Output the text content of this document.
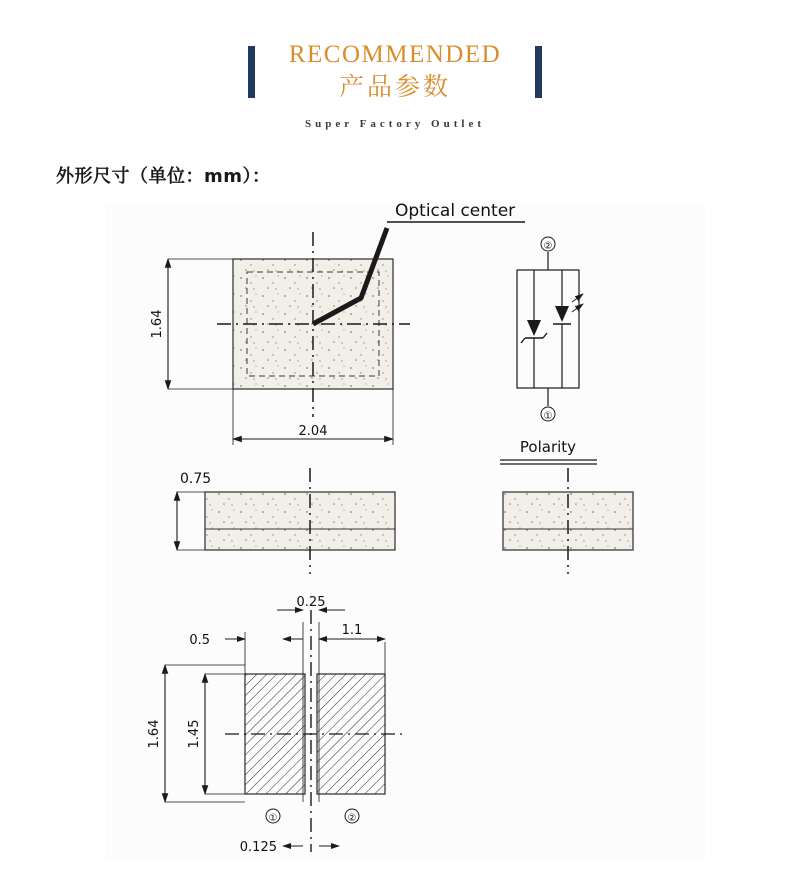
RECOMMENDED
产品参数
Super Factory Outlet
外形尺寸（单位：mm）：
Optical center
1.64
2.04
②
①
Polarity
0.75
0.25
0.5
1.1
1.64 1.45
①	②
0.125
